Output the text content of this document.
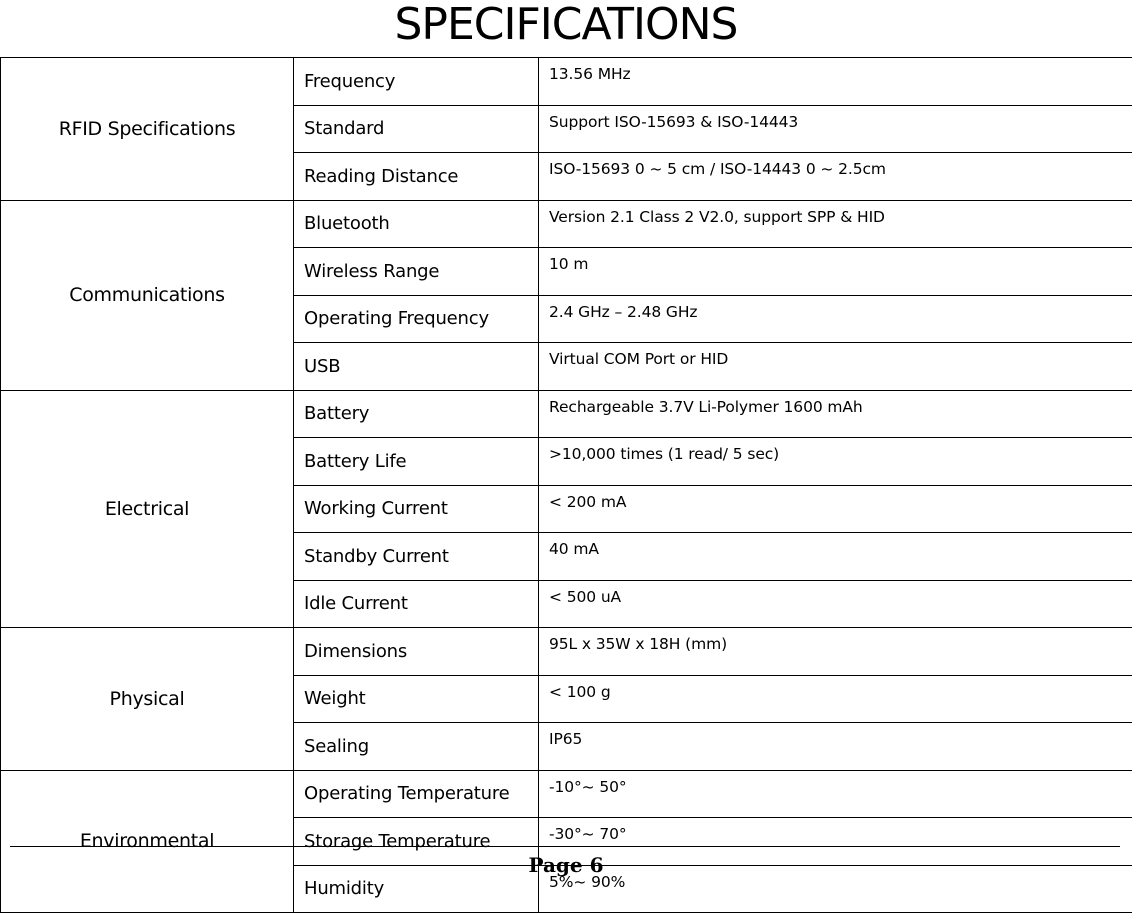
SPECIFICATIONS
RFID Specifications	Frequency	13.56 MHz
	Standard	Support ISO-15693 & ISO-14443
	Reading Distance	ISO-15693 0 ~ 5 cm / ISO-14443 0 ~ 2.5cm
Communications	Bluetooth	Version 2.1 Class 2 V2.0, support SPP & HID
	Wireless Range	10 m
	Operating Frequency	2.4 GHz – 2.48 GHz
	USB	Virtual COM Port or HID
Electrical	Battery	Rechargeable 3.7V Li-Polymer 1600 mAh
	Battery Life	>10,000 times (1 read/ 5 sec)
	Working Current	< 200 mA
	Standby Current	40 mA
	Idle Current	< 500 uA
Physical	Dimensions	95L x 35W x 18H (mm)
	Weight	< 100 g
	Sealing	IP65
Environmental	Operating Temperature	-10°~ 50°
	Storage Temperature	-30°~ 70°
	Humidity	5%~ 90%
Page 6
